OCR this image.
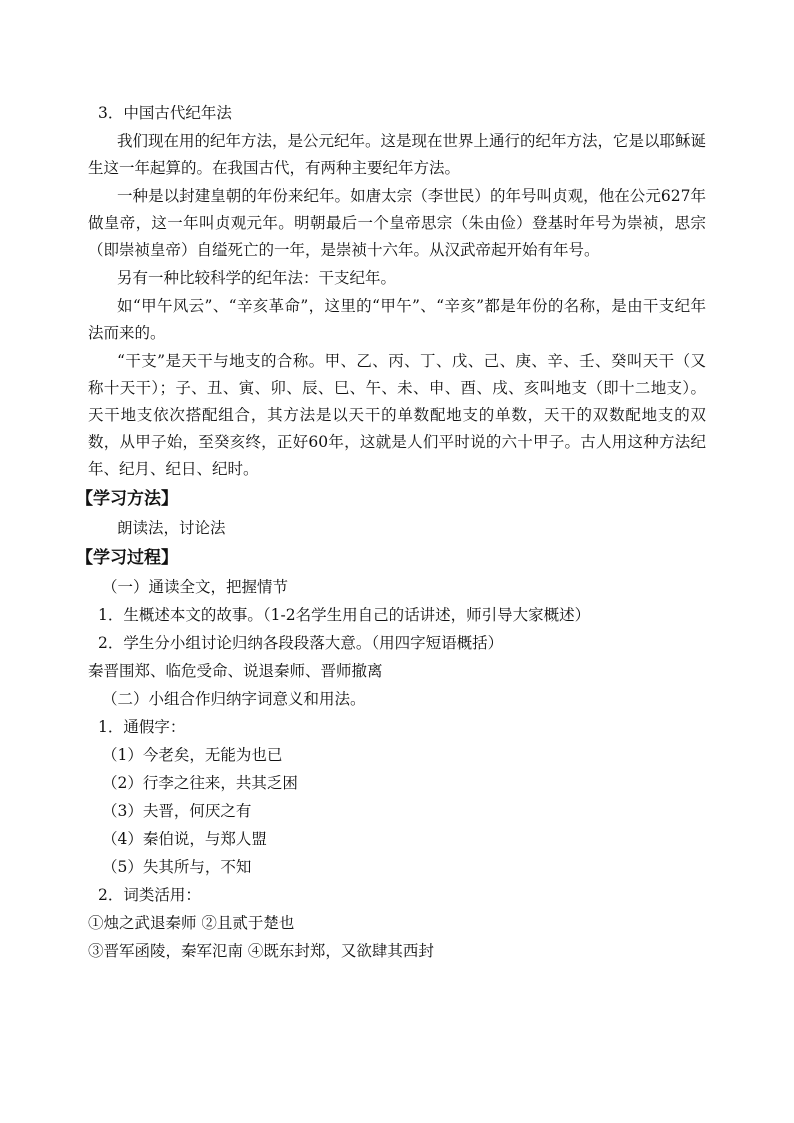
3．中国古代纪年法

我们现在用的纪年方法，是公元纪年。这是现在世界上通行的纪年方法，它是以耶稣诞生这一年起算的。在我国古代，有两种主要纪年方法。

一种是以封建皇朝的年份来纪年。如唐太宗（李世民）的年号叫贞观，他在公元627年做皇帝，这一年叫贞观元年。明朝最后一个皇帝思宗（朱由俭）登基时年号为崇祯，思宗（即崇祯皇帝）自缢死亡的一年，是崇祯十六年。从汉武帝起开始有年号。

另有一种比较科学的纪年法：干支纪年。

如“甲午风云”、“辛亥革命”，这里的“甲午”、“辛亥”都是年份的名称，是由干支纪年法而来的。

“干支”是天干与地支的合称。甲、乙、丙、丁、戊、己、庚、辛、壬、癸叫天干（又称十天干）；子、丑、寅、卯、辰、巳、午、未、申、酉、戌、亥叫地支（即十二地支）。天干地支依次搭配组合，其方法是以天干的单数配地支的单数，天干的双数配地支的双数，从甲子始，至癸亥终，正好60年，这就是人们平时说的六十甲子。古人用这种方法纪年、纪月、纪日、纪时。

【学习方法】

朗读法，讨论法

【学习过程】

（一）通读全文，把握情节

1．生概述本文的故事。（1-2名学生用自己的话讲述，师引导大家概述）

2．学生分小组讨论归纳各段段落大意。（用四字短语概括）

秦晋围郑、临危受命、说退秦师、晋师撤离

（二）小组合作归纳字词意义和用法。

1．通假字：

（1）今老矣，无能为也已

（2）行李之往来，共其乏困

（3）夫晋，何厌之有

（4）秦伯说，与郑人盟

（5）失其所与，不知

2．词类活用：

①烛之武退秦师 ②且贰于楚也

③晋军函陵，秦军氾南 ④既东封郑，又欲肆其西封
